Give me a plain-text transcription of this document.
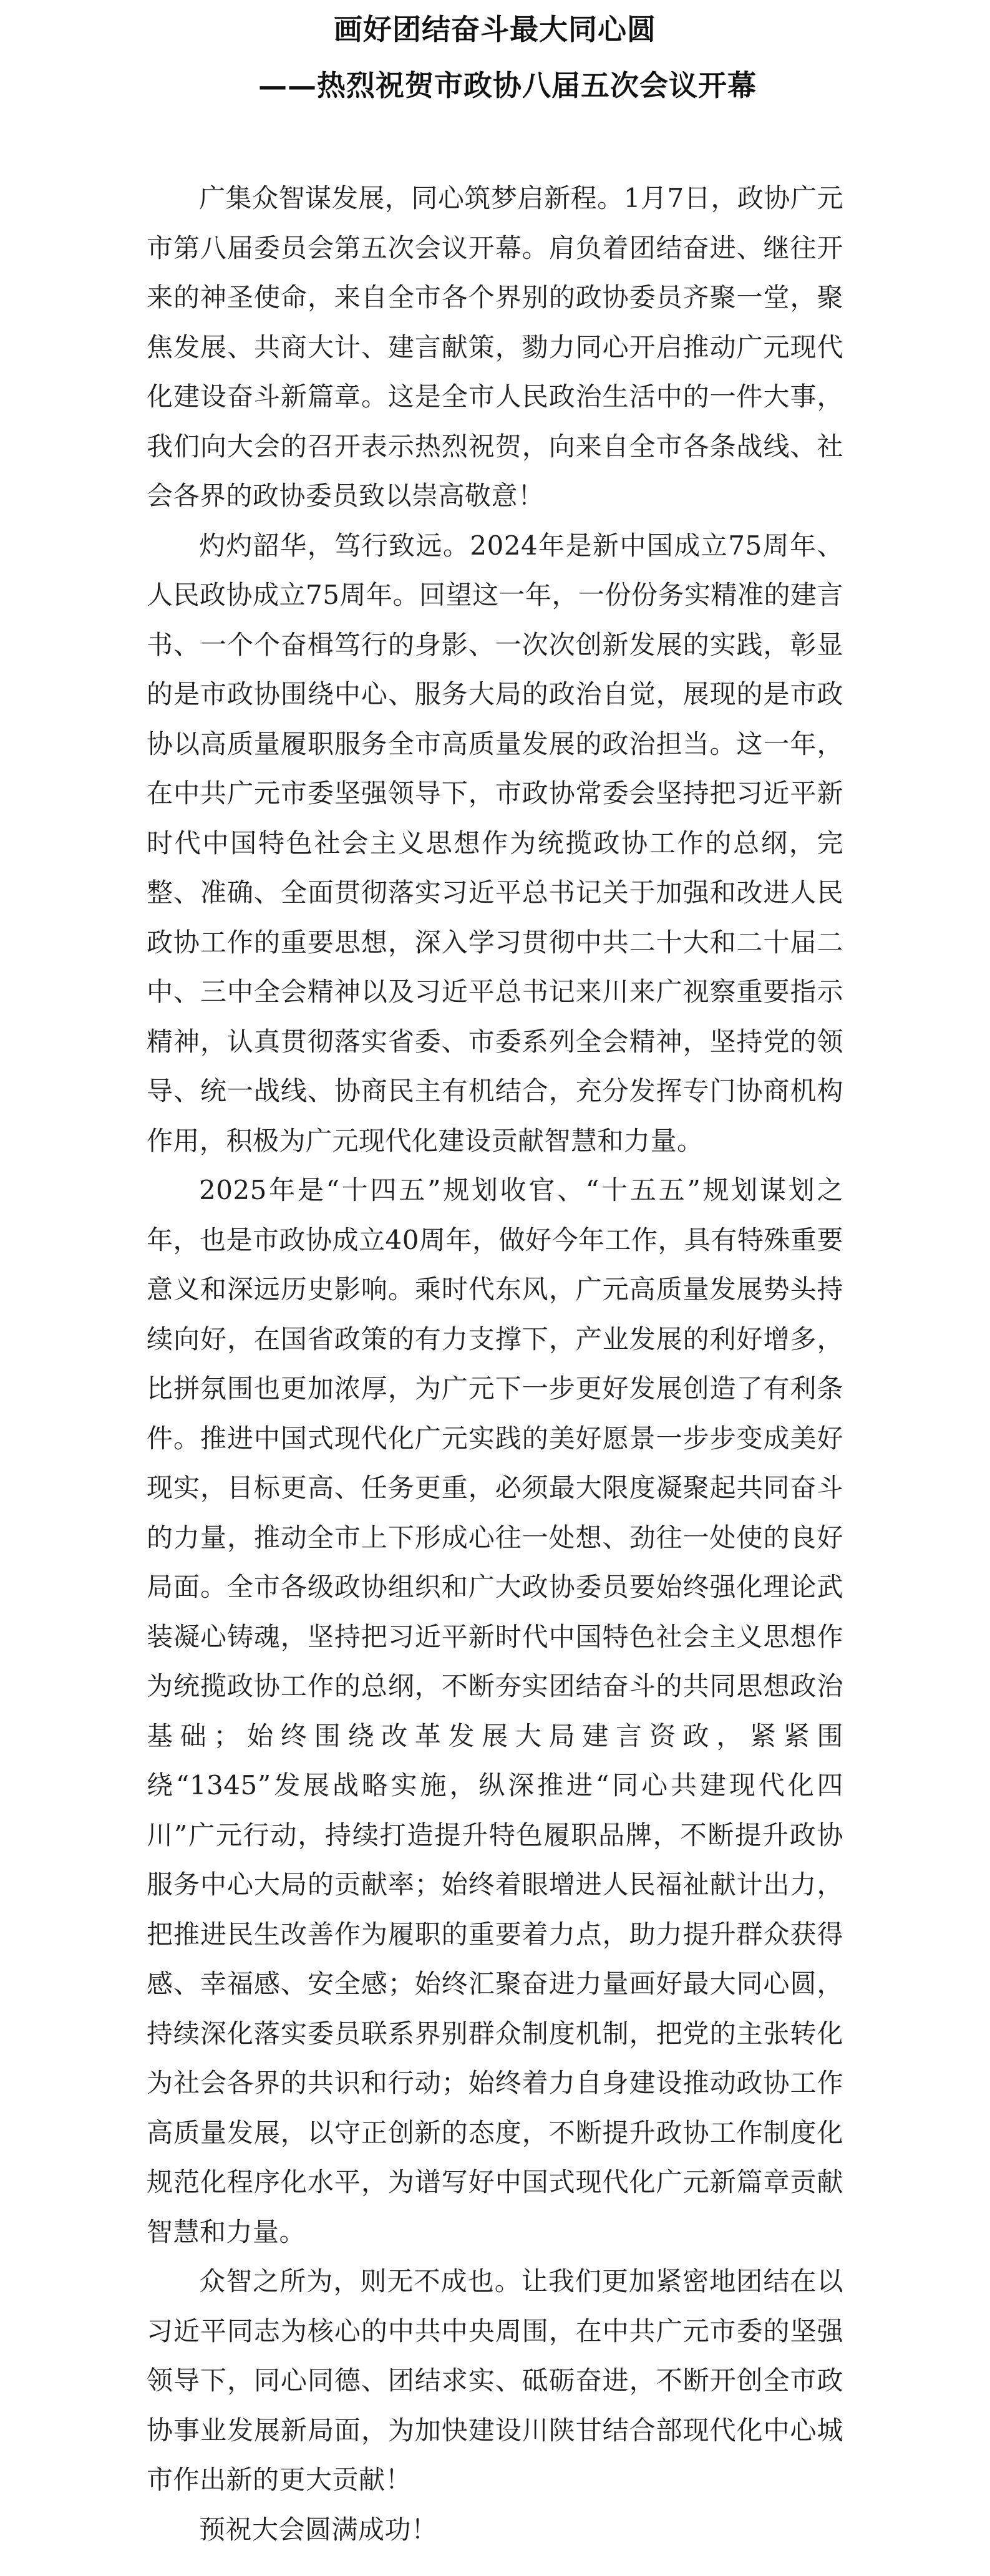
画好团结奋斗最大同心圆
——热烈祝贺市政协八届五次会议开幕

广集众智谋发展，同心筑梦启新程。1月7日，政协广元市第八届委员会第五次会议开幕。肩负着团结奋进、继往开来的神圣使命，来自全市各个界别的政协委员齐聚一堂，聚焦发展、共商大计、建言献策，勠力同心开启推动广元现代化建设奋斗新篇章。这是全市人民政治生活中的一件大事，我们向大会的召开表示热烈祝贺，向来自全市各条战线、社会各界的政协委员致以崇高敬意！

灼灼韶华，笃行致远。2024年是新中国成立75周年、人民政协成立75周年。回望这一年，一份份务实精准的建言书、一个个奋楫笃行的身影、一次次创新发展的实践，彰显的是市政协围绕中心、服务大局的政治自觉，展现的是市政协以高质量履职服务全市高质量发展的政治担当。这一年，在中共广元市委坚强领导下，市政协常委会坚持把习近平新时代中国特色社会主义思想作为统揽政协工作的总纲，完整、准确、全面贯彻落实习近平总书记关于加强和改进人民政协工作的重要思想，深入学习贯彻中共二十大和二十届二中、三中全会精神以及习近平总书记来川来广视察重要指示精神，认真贯彻落实省委、市委系列全会精神，坚持党的领导、统一战线、协商民主有机结合，充分发挥专门协商机构作用，积极为广元现代化建设贡献智慧和力量。

2025年是“十四五”规划收官、“十五五”规划谋划之年，也是市政协成立40周年，做好今年工作，具有特殊重要意义和深远历史影响。乘时代东风，广元高质量发展势头持续向好，在国省政策的有力支撑下，产业发展的利好增多，比拼氛围也更加浓厚，为广元下一步更好发展创造了有利条件。推进中国式现代化广元实践的美好愿景一步步变成美好现实，目标更高、任务更重，必须最大限度凝聚起共同奋斗的力量，推动全市上下形成心往一处想、劲往一处使的良好局面。全市各级政协组织和广大政协委员要始终强化理论武装凝心铸魂，坚持把习近平新时代中国特色社会主义思想作为统揽政协工作的总纲，不断夯实团结奋斗的共同思想政治基础；始终围绕改革发展大局建言资政，紧紧围绕“1345”发展战略实施，纵深推进“同心共建现代化四川”广元行动，持续打造提升特色履职品牌，不断提升政协服务中心大局的贡献率；始终着眼增进人民福祉献计出力，把推进民生改善作为履职的重要着力点，助力提升群众获得感、幸福感、安全感；始终汇聚奋进力量画好最大同心圆，持续深化落实委员联系界别群众制度机制，把党的主张转化为社会各界的共识和行动；始终着力自身建设推动政协工作高质量发展，以守正创新的态度，不断提升政协工作制度化规范化程序化水平，为谱写好中国式现代化广元新篇章贡献智慧和力量。

众智之所为，则无不成也。让我们更加紧密地团结在以习近平同志为核心的中共中央周围，在中共广元市委的坚强领导下，同心同德、团结求实、砥砺奋进，不断开创全市政协事业发展新局面，为加快建设川陕甘结合部现代化中心城市作出新的更大贡献！

预祝大会圆满成功！
